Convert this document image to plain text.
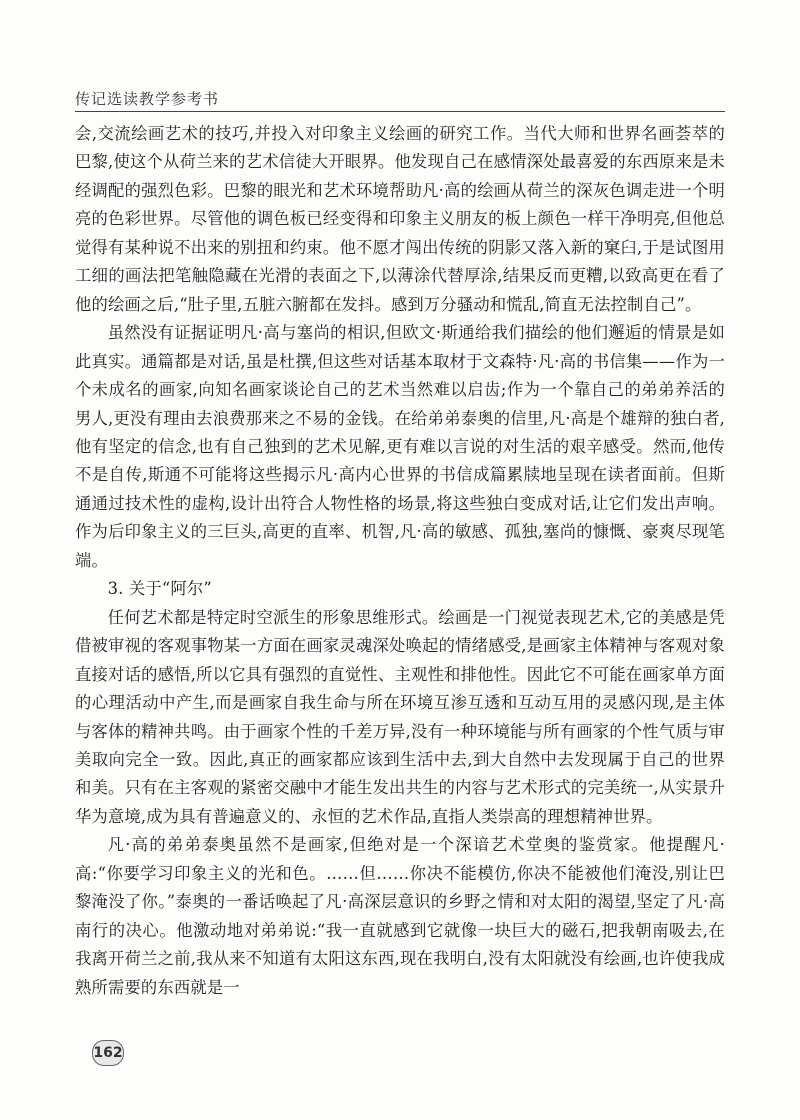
传记选读教学参考书

会,交流绘画艺术的技巧,并投入对印象主义绘画的研究工作。当代大师和世界名画荟萃的巴黎,使这个从荷兰来的艺术信徒大开眼界。他发现自己在感情深处最喜爱的东西原来是未经调配的强烈色彩。巴黎的眼光和艺术环境帮助凡·高的绘画从荷兰的深灰色调走进一个明亮的色彩世界。尽管他的调色板已经变得和印象主义朋友的板上颜色一样干净明亮,但他总觉得有某种说不出来的别扭和约束。他不愿才闯出传统的阴影又落入新的窠臼,于是试图用工细的画法把笔触隐藏在光滑的表面之下,以薄涂代替厚涂,结果反而更糟,以致高更在看了他的绘画之后,“肚子里,五脏六腑都在发抖。感到万分骚动和慌乱,简直无法控制自己”。

虽然没有证据证明凡·高与塞尚的相识,但欧文·斯通给我们描绘的他们邂逅的情景是如此真实。通篇都是对话,虽是杜撰,但这些对话基本取材于文森特·凡·高的书信集——作为一个未成名的画家,向知名画家谈论自己的艺术当然难以启齿;作为一个靠自己的弟弟养活的男人,更没有理由去浪费那来之不易的金钱。在给弟弟泰奥的信里,凡·高是个雄辩的独白者,他有坚定的信念,也有自己独到的艺术见解,更有难以言说的对生活的艰辛感受。然而,他传不是自传,斯通不可能将这些揭示凡·高内心世界的书信成篇累牍地呈现在读者面前。但斯通通过技术性的虚构,设计出符合人物性格的场景,将这些独白变成对话,让它们发出声响。作为后印象主义的三巨头,高更的直率、机智,凡·高的敏感、孤独,塞尚的慷慨、豪爽尽现笔端。

3. 关于“阿尔”

任何艺术都是特定时空派生的形象思维形式。绘画是一门视觉表现艺术,它的美感是凭借被审视的客观事物某一方面在画家灵魂深处唤起的情绪感受,是画家主体精神与客观对象直接对话的感悟,所以它具有强烈的直觉性、主观性和排他性。因此它不可能在画家单方面的心理活动中产生,而是画家自我生命与所在环境互渗互透和互动互用的灵感闪现,是主体与客体的精神共鸣。由于画家个性的千差万异,没有一种环境能与所有画家的个性气质与审美取向完全一致。因此,真正的画家都应该到生活中去,到大自然中去发现属于自己的世界和美。只有在主客观的紧密交融中才能生发出共生的内容与艺术形式的完美统一,从实景升华为意境,成为具有普遍意义的、永恒的艺术作品,直指人类崇高的理想精神世界。

凡·高的弟弟泰奥虽然不是画家,但绝对是一个深谙艺术堂奥的鉴赏家。他提醒凡·高:“你要学习印象主义的光和色。……但……你决不能模仿,你决不能被他们淹没,别让巴黎淹没了你。”泰奥的一番话唤起了凡·高深层意识的乡野之情和对太阳的渴望,坚定了凡·高南行的决心。他激动地对弟弟说:“我一直就感到它就像一块巨大的磁石,把我朝南吸去,在我离开荷兰之前,我从来不知道有太阳这东西,现在我明白,没有太阳就没有绘画,也许使我成熟所需要的东西就是一

162
